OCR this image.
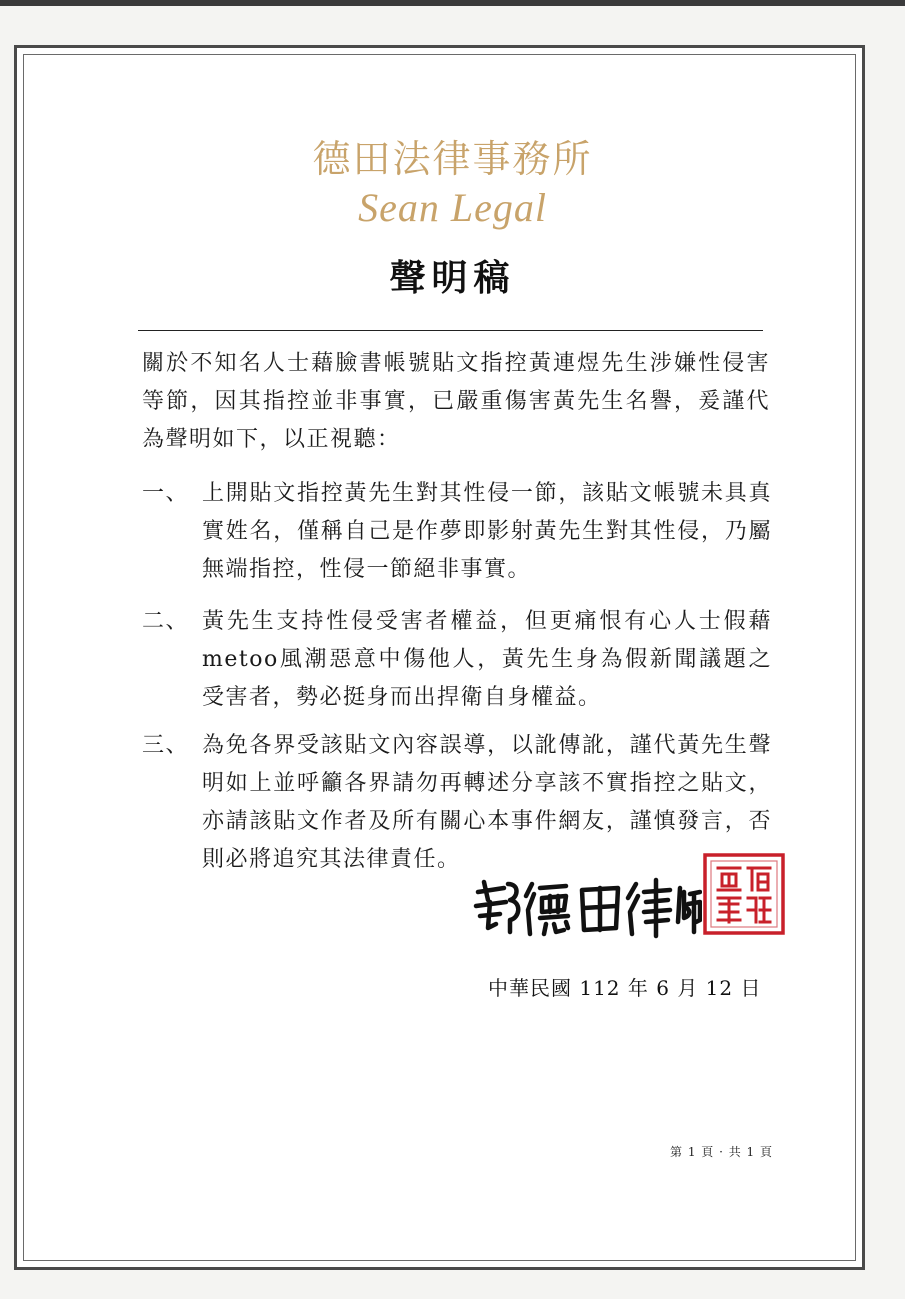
德田法律事務所
Sean Legal
聲明稿
關於不知名人士藉臉書帳號貼文指控黃連煜先生涉嫌性侵害等節，因其指控並非事實，已嚴重傷害黃先生名譽，爰謹代為聲明如下，以正視聽：
一、 上開貼文指控黃先生對其性侵一節，該貼文帳號未具真實姓名，僅稱自己是作夢即影射黃先生對其性侵，乃屬無端指控，性侵一節絕非事實。
二、 黃先生支持性侵受害者權益，但更痛恨有心人士假藉metoo風潮惡意中傷他人，黃先生身為假新聞議題之受害者，勢必挺身而出捍衛自身權益。
三、 為免各界受該貼文內容誤導，以訛傳訛，謹代黃先生聲明如上並呼籲各界請勿再轉述分享該不實指控之貼文，亦請該貼文作者及所有關心本事件網友，謹慎發言，否則必將追究其法律責任。
中華民國 112 年 6 月 12 日
第 1 頁 · 共 1 頁
